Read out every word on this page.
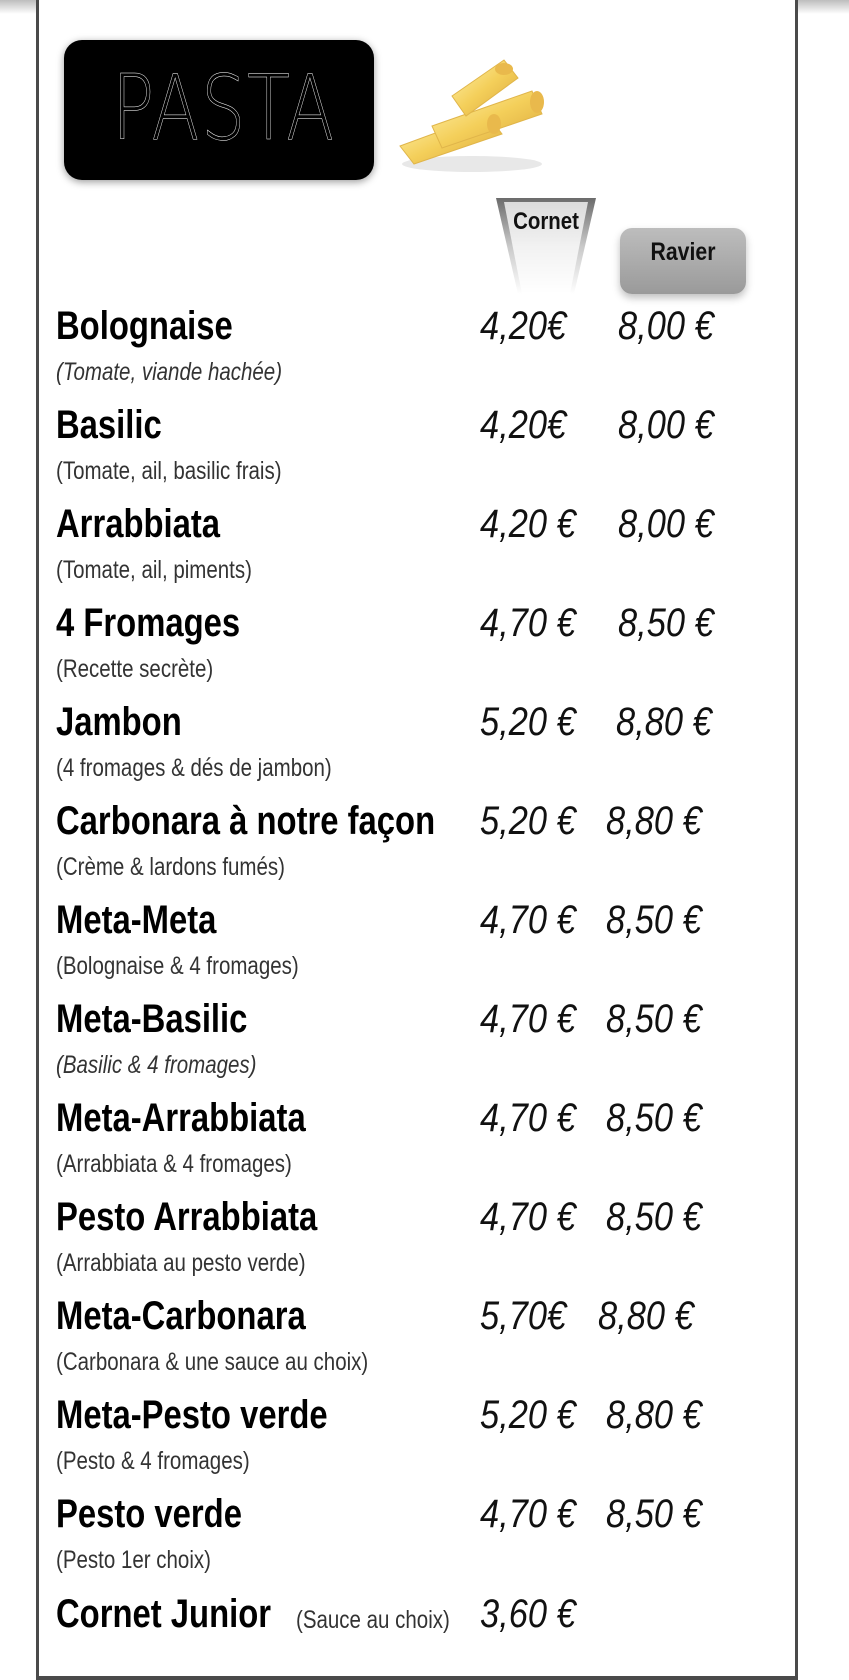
PASTA
Cornet
Ravier
Bolognaise
(Tomate, viande hachée)
4,20€ 8,00 €
Basilic
(Tomate, ail, basilic frais)
4,20€ 8,00 €
Arrabbiata
(Tomate, ail, piments)
4,20 € 8,00 €
4 Fromages
(Recette secrète)
4,70 € 8,50 €
Jambon
(4 fromages & dés de jambon)
5,20 € 8,80 €
Carbonara à notre façon
(Crème & lardons fumés)
5,20 € 8,80 €
Meta-Meta
(Bolognaise & 4 fromages)
4,70 € 8,50 €
Meta-Basilic
(Basilic & 4 fromages)
4,70 € 8,50 €
Meta-Arrabbiata
(Arrabbiata & 4 fromages)
4,70 € 8,50 €
Pesto Arrabbiata
(Arrabbiata au pesto verde)
4,70 € 8,50 €
Meta-Carbonara
(Carbonara & une sauce au choix)
5,70€ 8,80 €
Meta-Pesto verde
(Pesto & 4 fromages)
5,20 € 8,80 €
Pesto verde
(Pesto 1er choix)
4,70 € 8,50 €
Cornet Junior (Sauce au choix) 3,60 €
